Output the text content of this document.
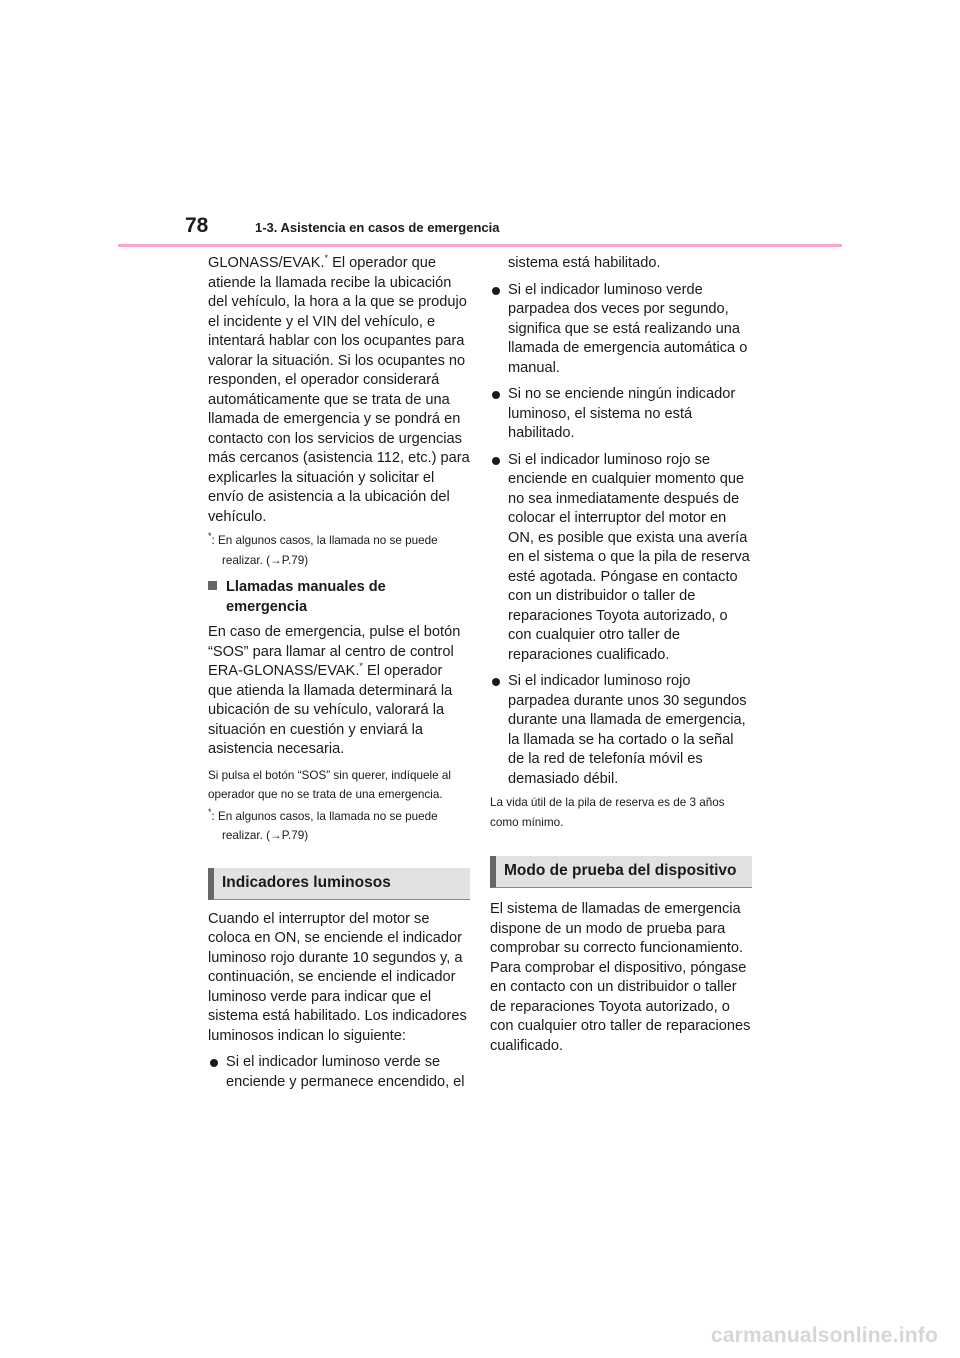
78	1-3. Asistencia en casos de emergencia

GLONASS/EVAK.* El operador que atiende la llamada recibe la ubicación del vehículo, la hora a la que se produjo el incidente y el VIN del vehículo, e intentará hablar con los ocupantes para valorar la situación. Si los ocupantes no responden, el operador considerará automáticamente que se trata de una llamada de emergencia y se pondrá en contacto con los servicios de urgencias más cercanos (asistencia 112, etc.) para explicarles la situación y solicitar el envío de asistencia a la ubicación del vehículo.

*: En algunos casos, la llamada no se puede realizar. (→P.79)

Llamadas manuales de emergencia

En caso de emergencia, pulse el botón “SOS” para llamar al centro de control ERA-GLONASS/EVAK.* El operador que atienda la llamada determinará la ubicación de su vehículo, valorará la situación en cuestión y enviará la asistencia necesaria.

Si pulsa el botón “SOS” sin querer, indíquele al operador que no se trata de una emergencia.

*: En algunos casos, la llamada no se puede realizar. (→P.79)

Indicadores luminosos

Cuando el interruptor del motor se coloca en ON, se enciende el indicador luminoso rojo durante 10 segundos y, a continuación, se enciende el indicador luminoso verde para indicar que el sistema está habilitado. Los indicadores luminosos indican lo siguiente:

Si el indicador luminoso verde se enciende y permanece encendido, el
sistema está habilitado.
Si el indicador luminoso verde parpadea dos veces por segundo, significa que se está realizando una llamada de emergencia automática o manual.
Si no se enciende ningún indicador luminoso, el sistema no está habilitado.
Si el indicador luminoso rojo se enciende en cualquier momento que no sea inmediatamente después de colocar el interruptor del motor en ON, es posible que exista una avería en el sistema o que la pila de reserva esté agotada. Póngase en contacto con un distribuidor o taller de reparaciones Toyota autorizado, o con cualquier otro taller de reparaciones cualificado.
Si el indicador luminoso rojo parpadea durante unos 30 segundos durante una llamada de emergencia, la llamada se ha cortado o la señal de la red de telefonía móvil es demasiado débil.

La vida útil de la pila de reserva es de 3 años como mínimo.

Modo de prueba del dispositivo

El sistema de llamadas de emergencia dispone de un modo de prueba para comprobar su correcto funcionamiento. Para comprobar el dispositivo, póngase en contacto con un distribuidor o taller de reparaciones Toyota autorizado, o con cualquier otro taller de reparaciones cualificado.

carmanualsonline.info
